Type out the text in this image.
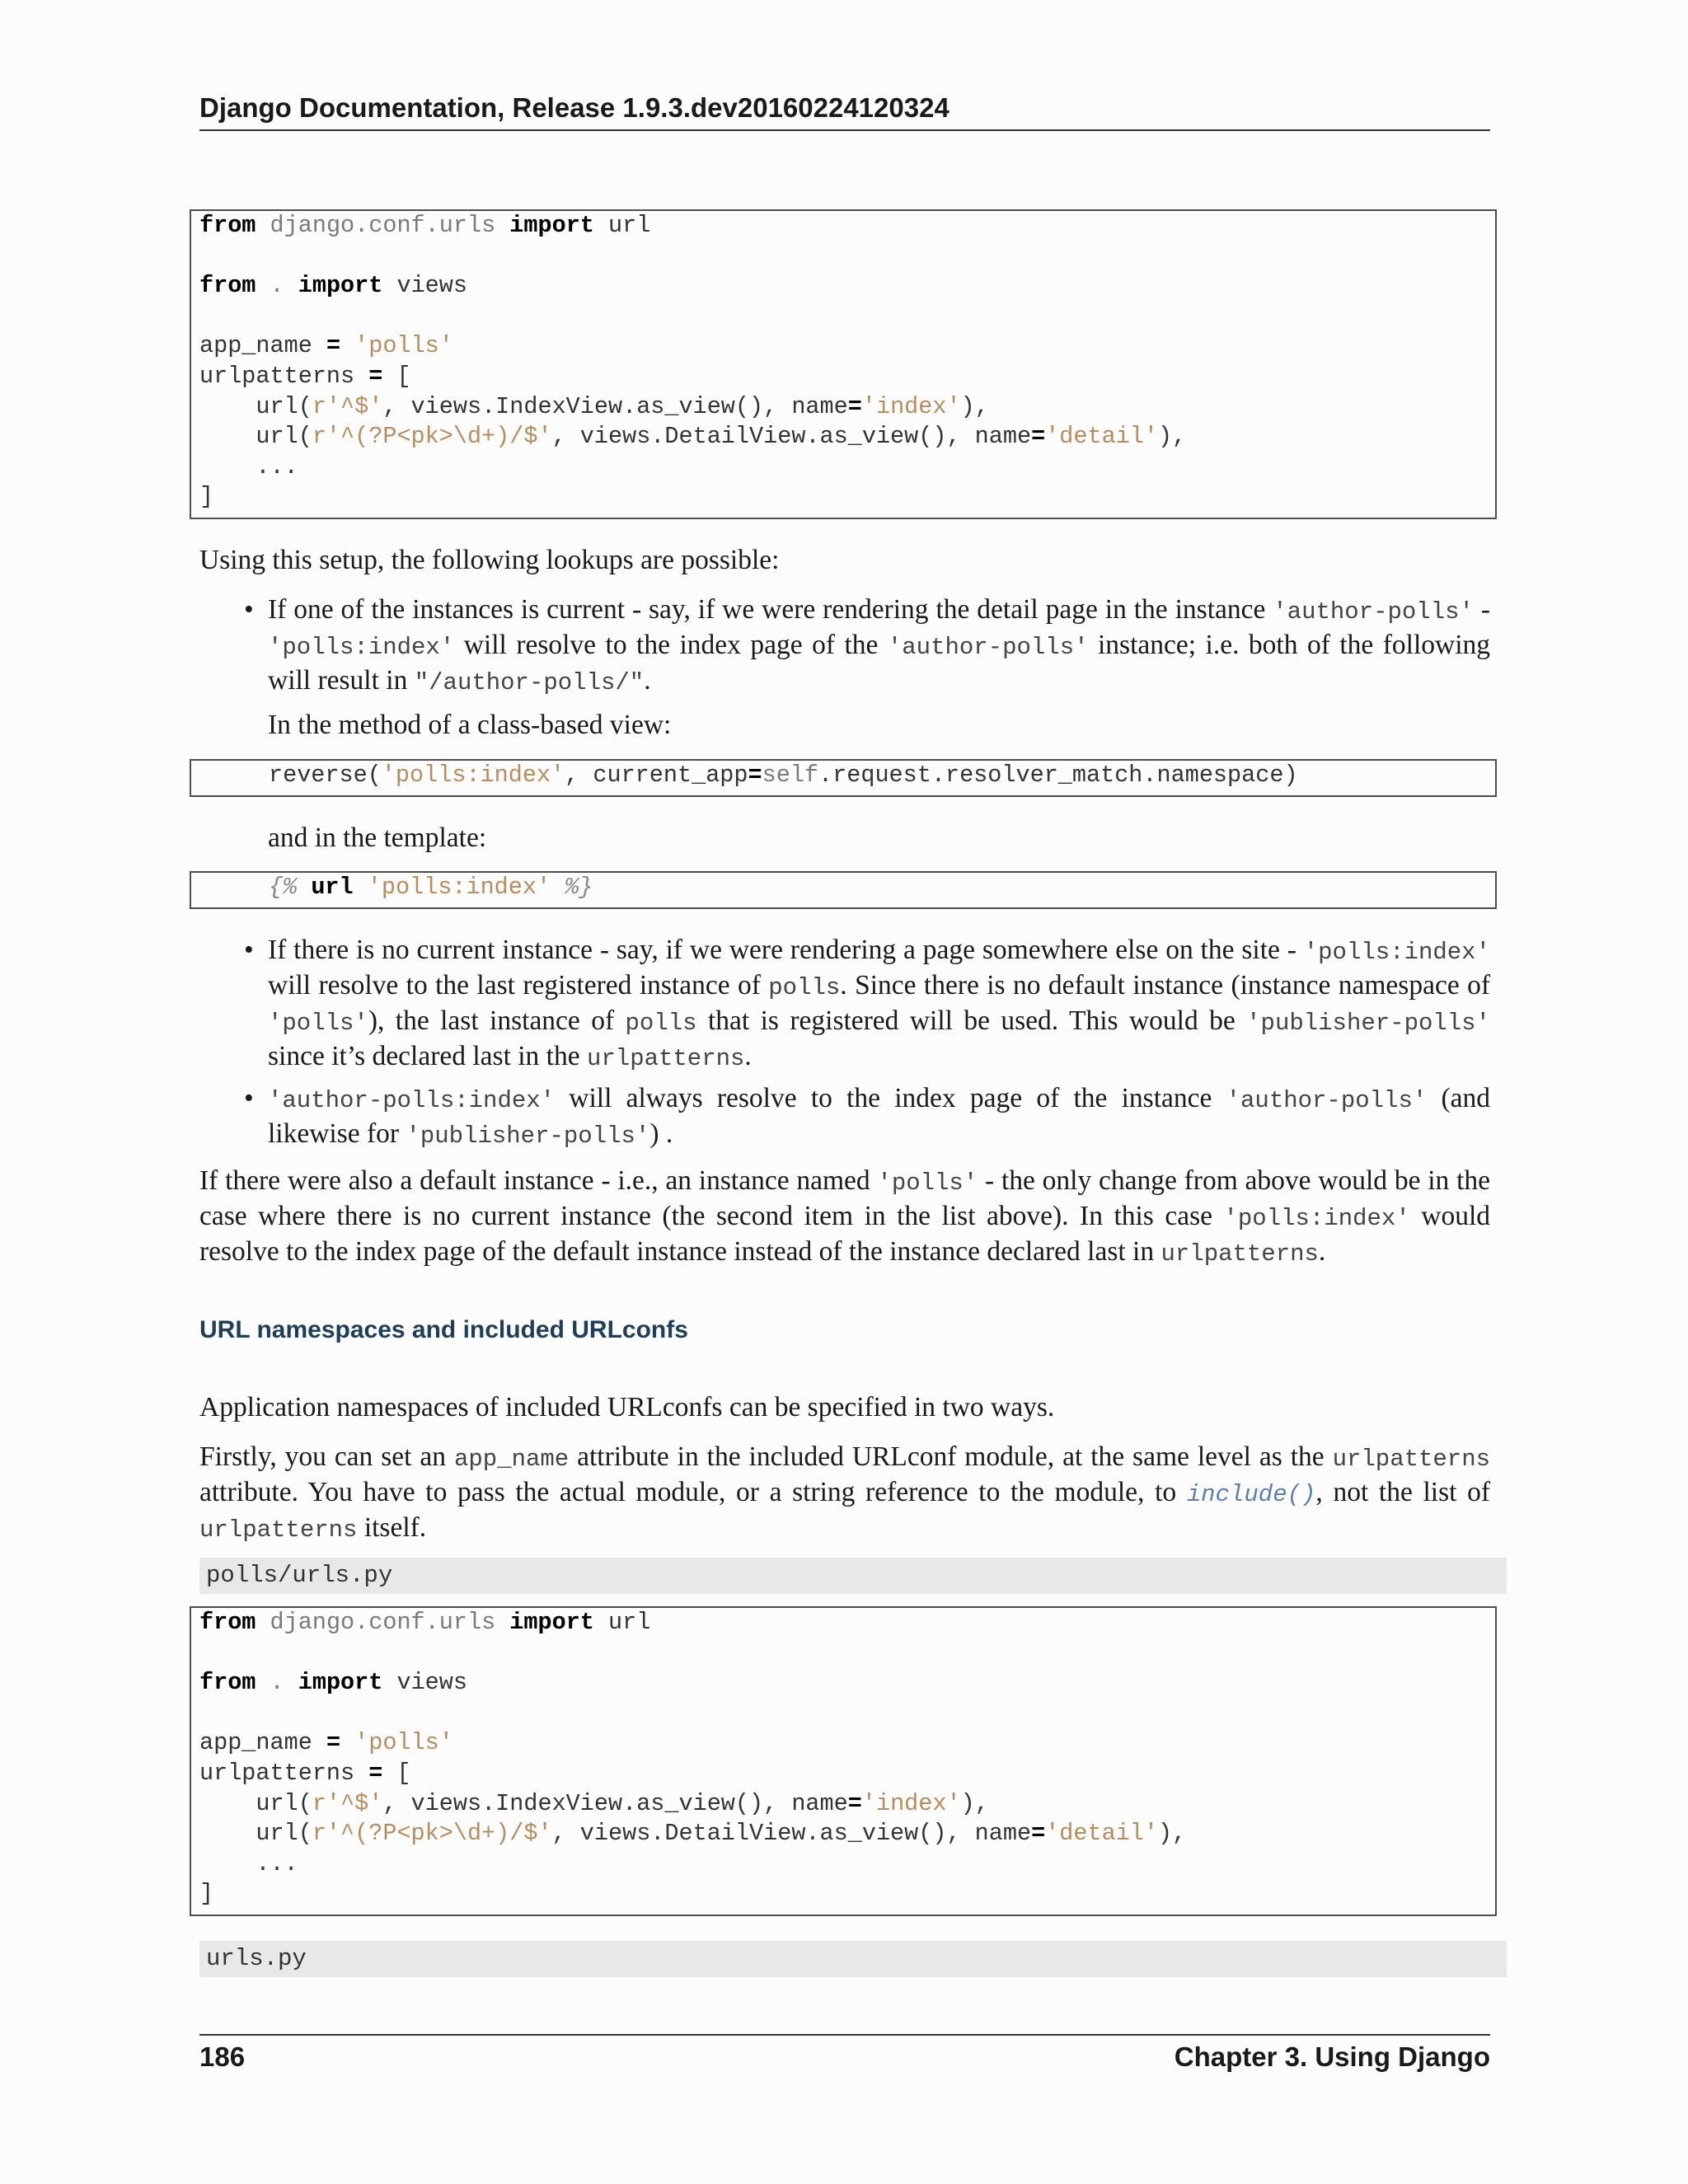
Django Documentation, Release 1.9.3.dev20160224120324
from django.conf.urls import url

from . import views

app_name = 'polls'
urlpatterns = [
url(r'^$', views.IndexView.as_view(), name='index'),
url(r'^(?P<pk>\d+)/$', views.DetailView.as_view(), name='detail'),
...
]
Using this setup, the following lookups are possible:
• If one of the instances is current - say, if we were rendering the detail page in the instance 'author-polls' - 'polls:index' will resolve to the index page of the 'author-polls' instance; i.e. both of the following will result in "/author-polls/".
In the method of a class-based view:
reverse('polls:index', current_app=self.request.resolver_match.namespace)
and in the template:
{% url 'polls:index' %}
• If there is no current instance - say, if we were rendering a page somewhere else on the site - 'polls:index' will resolve to the last registered instance of polls. Since there is no default instance (instance namespace of 'polls'), the last instance of polls that is registered will be used. This would be 'publisher-polls' since it’s declared last in the urlpatterns.
• 'author-polls:index' will always resolve to the index page of the instance 'author-polls' (and likewise for 'publisher-polls') .
If there were also a default instance - i.e., an instance named 'polls' - the only change from above would be in the case where there is no current instance (the second item in the list above). In this case 'polls:index' would resolve to the index page of the default instance instead of the instance declared last in urlpatterns.
URL namespaces and included URLconfs
Application namespaces of included URLconfs can be specified in two ways.
Firstly, you can set an app_name attribute in the included URLconf module, at the same level as the urlpatterns attribute. You have to pass the actual module, or a string reference to the module, to include(), not the list of urlpatterns itself.
polls/urls.py
from django.conf.urls import url

from . import views

app_name = 'polls'
urlpatterns = [
url(r'^$', views.IndexView.as_view(), name='index'),
url(r'^(?P<pk>\d+)/$', views.DetailView.as_view(), name='detail'),
...
]
urls.py
186	Chapter 3. Using Django
